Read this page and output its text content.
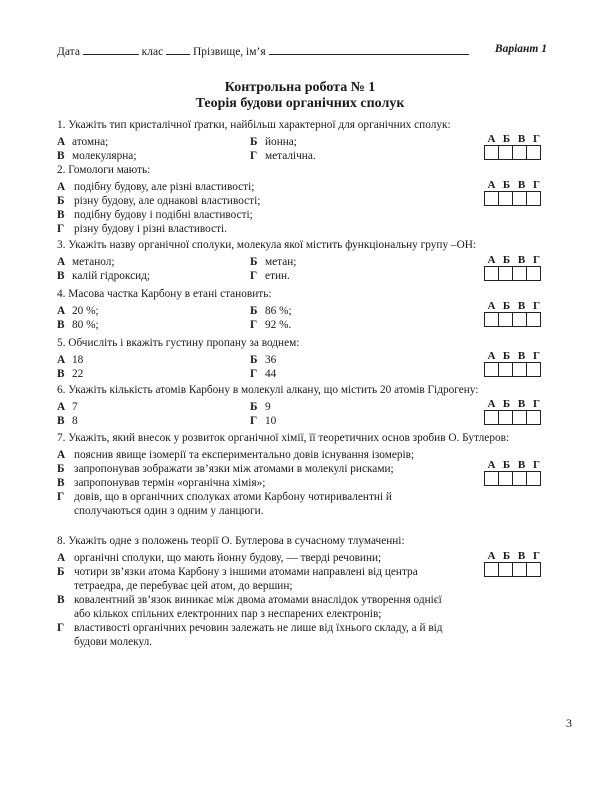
Дата	клас	Прізвище, ім’я	Варіант 1
Контрольна робота № 1
Теорія будови органічних сполук
1. Укажіть тип кристалічної ґратки, найбільш характерної для органічних сполук:
А атомна;	Б йонна;
В молекулярна;	Г металічна.
А Б В Г
2. Гомологи мають:
А подібну будову, але різні властивості;
Б різну будову, але однакові властивості;
В подібну будову і подібні властивості;
Г різну будову і різні властивості.
А Б В Г
3. Укажіть назву органічної сполуки, молекула якої містить функціональну групу –ОН:
А метанол;	Б метан;
В калій гідроксид;	Г етин.
А Б В Г
4. Масова частка Карбону в етані становить:
А 20 %;	Б 86 %;
В 80 %;	Г 92 %.
А Б В Г
5. Обчисліть і вкажіть густину пропану за воднем:
А 18	Б 36
В 22	Г 44
А Б В Г
6. Укажіть кількість атомів Карбону в молекулі алкану, що містить 20 атомів Гідрогену:
А 7	Б 9
В 8	Г 10
А Б В Г
7. Укажіть, який внесок у розвиток органічної хімії, її теоретичних основ зробив О. Бутлеров:
А пояснив явище ізомерії та експериментально довів існування ізомерів;
Б запропонував зображати зв’язки між атомами в молекулі рисками;
В запропонував термін «органічна хімія»;
Г довів, що в органічних сполуках атоми Карбону чотиривалентні й сполучаються один з одним у ланцюги.
А Б В Г
8. Укажіть одне з положень теорії О. Бутлерова в сучасному тлумаченні:
А органічні сполуки, що мають йонну будову, — тверді речовини;
Б чотири зв’язки атома Карбону з іншими атомами направлені від центра тетраедра, де перебуває цей атом, до вершин;
В ковалентний зв’язок виникає між двома атомами внаслідок утворення однієї або кількох спільних електронних пар з неспарених електронів;
Г властивості органічних речовин залежать не лише від їхнього складу, а й від будови молекул.
А Б В Г
3
